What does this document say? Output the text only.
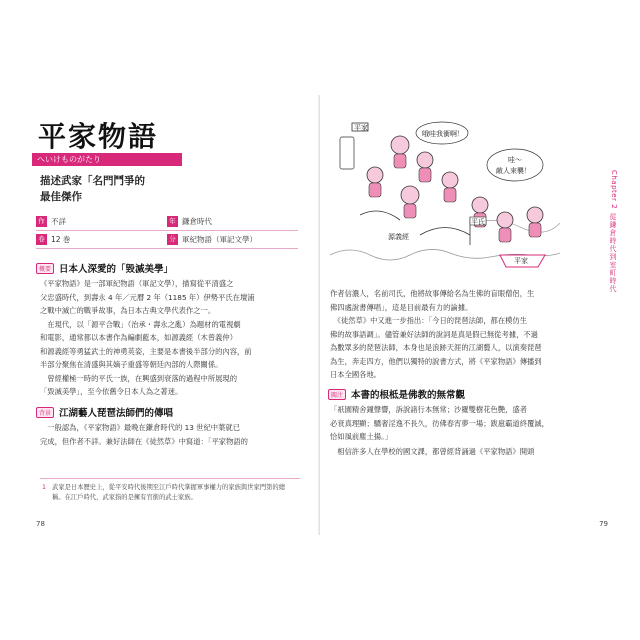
平家物語
へいけものがたり
描述武家「名門鬥爭的
最佳傑作
作 不詳	年 鎌倉時代
卷 12 巻	分 軍紀物語（軍記文學）
概要 日本人深愛的「毀滅美學」
《平家物語》是一部軍紀物語（軍記文學），描寫從平清盛之
父忠盛時代，到壽永 4 年／元曆 2 年（1185 年）伊勢平氏在壇浦
之戰中滅亡的戰爭故事，為日本古典文學代表作之一。
　在現代，以「源平合戰」（治承・壽永之亂）為題材的電視劇
和電影，通常都以本書作為編劇藍本，如源義經（木曾義仲）
和源義經等勇猛武士的神勇英姿，主要是本書後半部分的內容，前
半部分聚焦在清盛與其嫡子重盛等朝廷內部的人際關係。
　曾經權極一時的平氏一族，在興盛到衰落的過程中所展現的
「毀滅美學」，至今依舊令日本人為之著迷。
背景 江湖藝人琵琶法師們的傳唱
　一般認為，《平家物語》最晚在鎌倉時代的 13 世紀中葉就已
完成，但作者不詳。兼好法師在《徒然草》中寫道：「平家物語的
1 武家是日本歷史上，從平安時代後期至江戶時代掌握軍事權力的家族與世家門第的總稱。在江戶時代，武家指的是擁有官銜的武士家族。
78
平家
哦哇我衝啊！
哇～
敵人來襲！
源義經
平氏
平家
Chapter 2
從鎌倉時代到室町時代
作者信濃人，名前司氏，他將故事傳給名為生佛的盲眼僧侶，生
佛四處說書傳唱」，這是目前最有力的論據。
　《徒然草》中又進一步指出：「今日的琵琶法師，都在模仿生
佛的故事語調」。儘管兼好法師的說詞是真是假已無從考據，不過
為數眾多的琵琶法師，本身也是浪跡天涯的江湖藝人，以演奏琵琶
為生，奔走四方，他們以獨特的說書方式，將《平家物語》傳播到
日本全國各地。
關注 本書的根柢是佛教的無常觀
「祇園精舍鐘聲響，訴說諸行本無常；沙羅雙樹花色艷，盛者
必衰真理顯；驕奢淫逸不長久，彷佛春宵夢一場；跋扈霸道終覆滅，
恰如風前塵土揚。」
　相信許多人在學校的國文課，都曾經背誦過《平家物語》開頭
79
